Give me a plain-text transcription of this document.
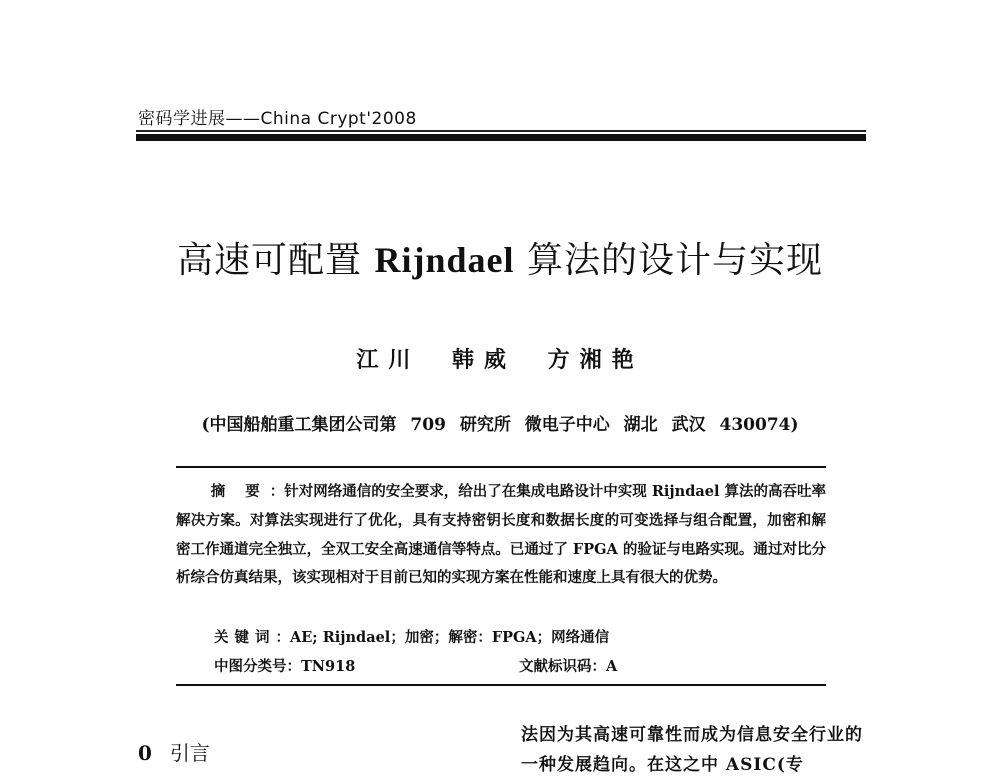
密码学进展——China Crypt'2008
高速可配置 Rijndael 算法的设计与实现
江川 韩威 方湘艳
(中国船舶重工集团公司第 709 研究所 微电子中心 湖北 武汉 430074)
摘要：针对网络通信的安全要求，给出了在集成电路设计中实现 Rijndael 算法的高吞吐率解决方案。对算法实现进行了优化，具有支持密钥长度和数据长度的可变选择与组合配置，加密和解密工作通道完全独立，全双工安全高速通信等特点。已通过了 FPGA 的验证与电路实现。通过对比分析综合仿真结果，该实现相对于目前已知的实现方案在性能和速度上具有很大的优势。
关键词：AE; Rijndael；加密；解密：FPGA；网络通信
中图分类号：TN918	文献标识码：A
0 引言
法因为其高速可靠性而成为信息安全行业的一种发展趋向。在这之中 ASIC(专
